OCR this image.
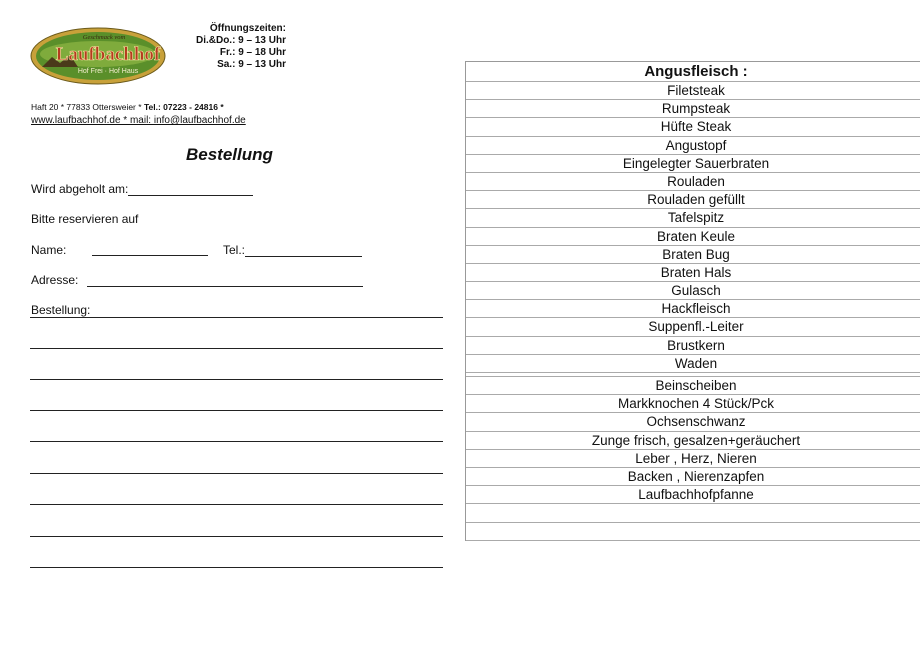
Geschmack vom
Laufbachhof
Hof Frei · Hof Haus
Öffnungszeiten:
Di.&Do.: 9 – 13 Uhr
Fr.: 9 – 18 Uhr
Sa.: 9 – 13 Uhr
Haft 20 * 77833 Ottersweier * Tel.: 07223 - 24816 *
www.laufbachhof.de * mail: info@laufbachhof.de
Bestellung
Wird abgeholt am:
Bitte reservieren auf
Name:	Tel.:
Adresse:
Bestellung:
Angusfleisch :
Filetsteak
Rumpsteak
Hüfte Steak
Angustopf
Eingelegter Sauerbraten
Rouladen
Rouladen gefüllt
Tafelspitz
Braten Keule
Braten Bug
Braten Hals
Gulasch
Hackfleisch
Suppenfl.-Leiter
Brustkern
Waden
Beinscheiben
Markknochen 4 Stück/Pck
Ochsenschwanz
Zunge frisch, gesalzen+geräuchert
Leber , Herz, Nieren
Backen , Nierenzapfen
Laufbachhofpfanne
